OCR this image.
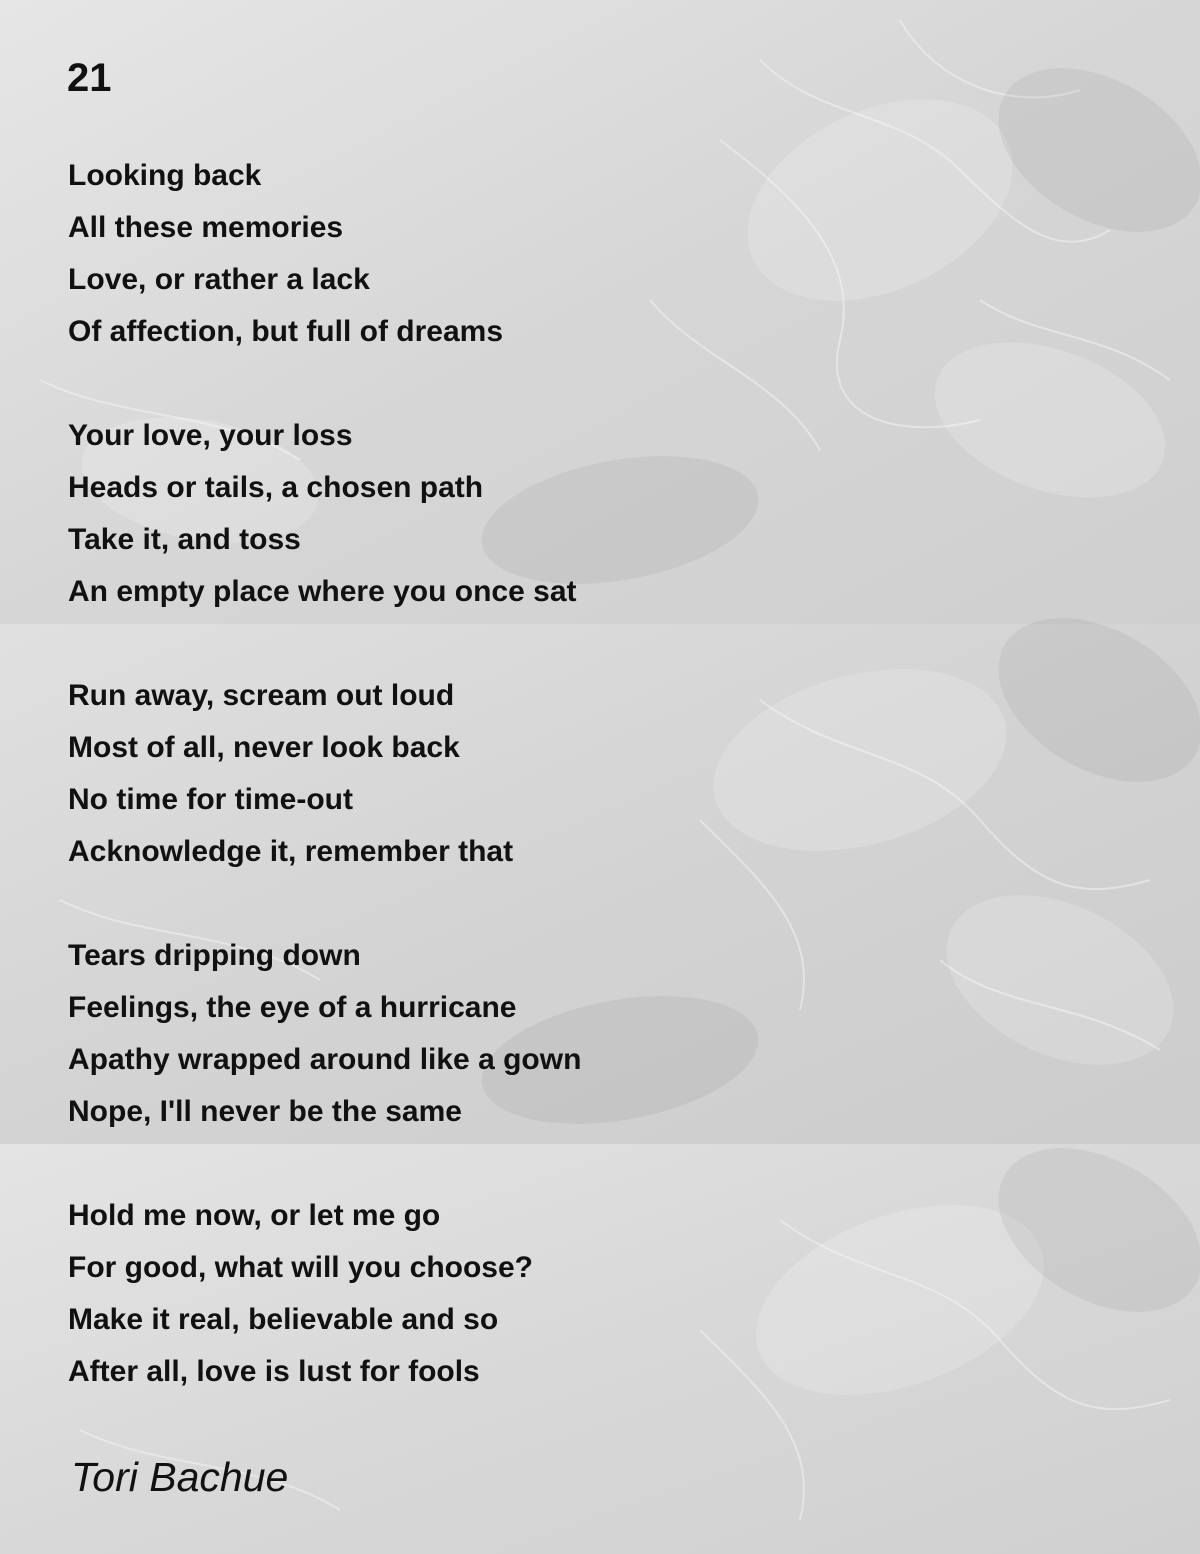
21
Looking back
All these memories
Love, or rather a lack
Of affection, but full of dreams
Your love, your loss
Heads or tails, a chosen path
Take it, and toss
An empty place where you once sat
Run away, scream out loud
Most of all, never look back
No time for time-out
Acknowledge it, remember that
Tears dripping down
Feelings, the eye of a hurricane
Apathy wrapped around like a gown
Nope, I'll never be the same
Hold me now, or let me go
For good, what will you choose?
Make it real, believable and so
After all, love is lust for fools
Tori Bachue
